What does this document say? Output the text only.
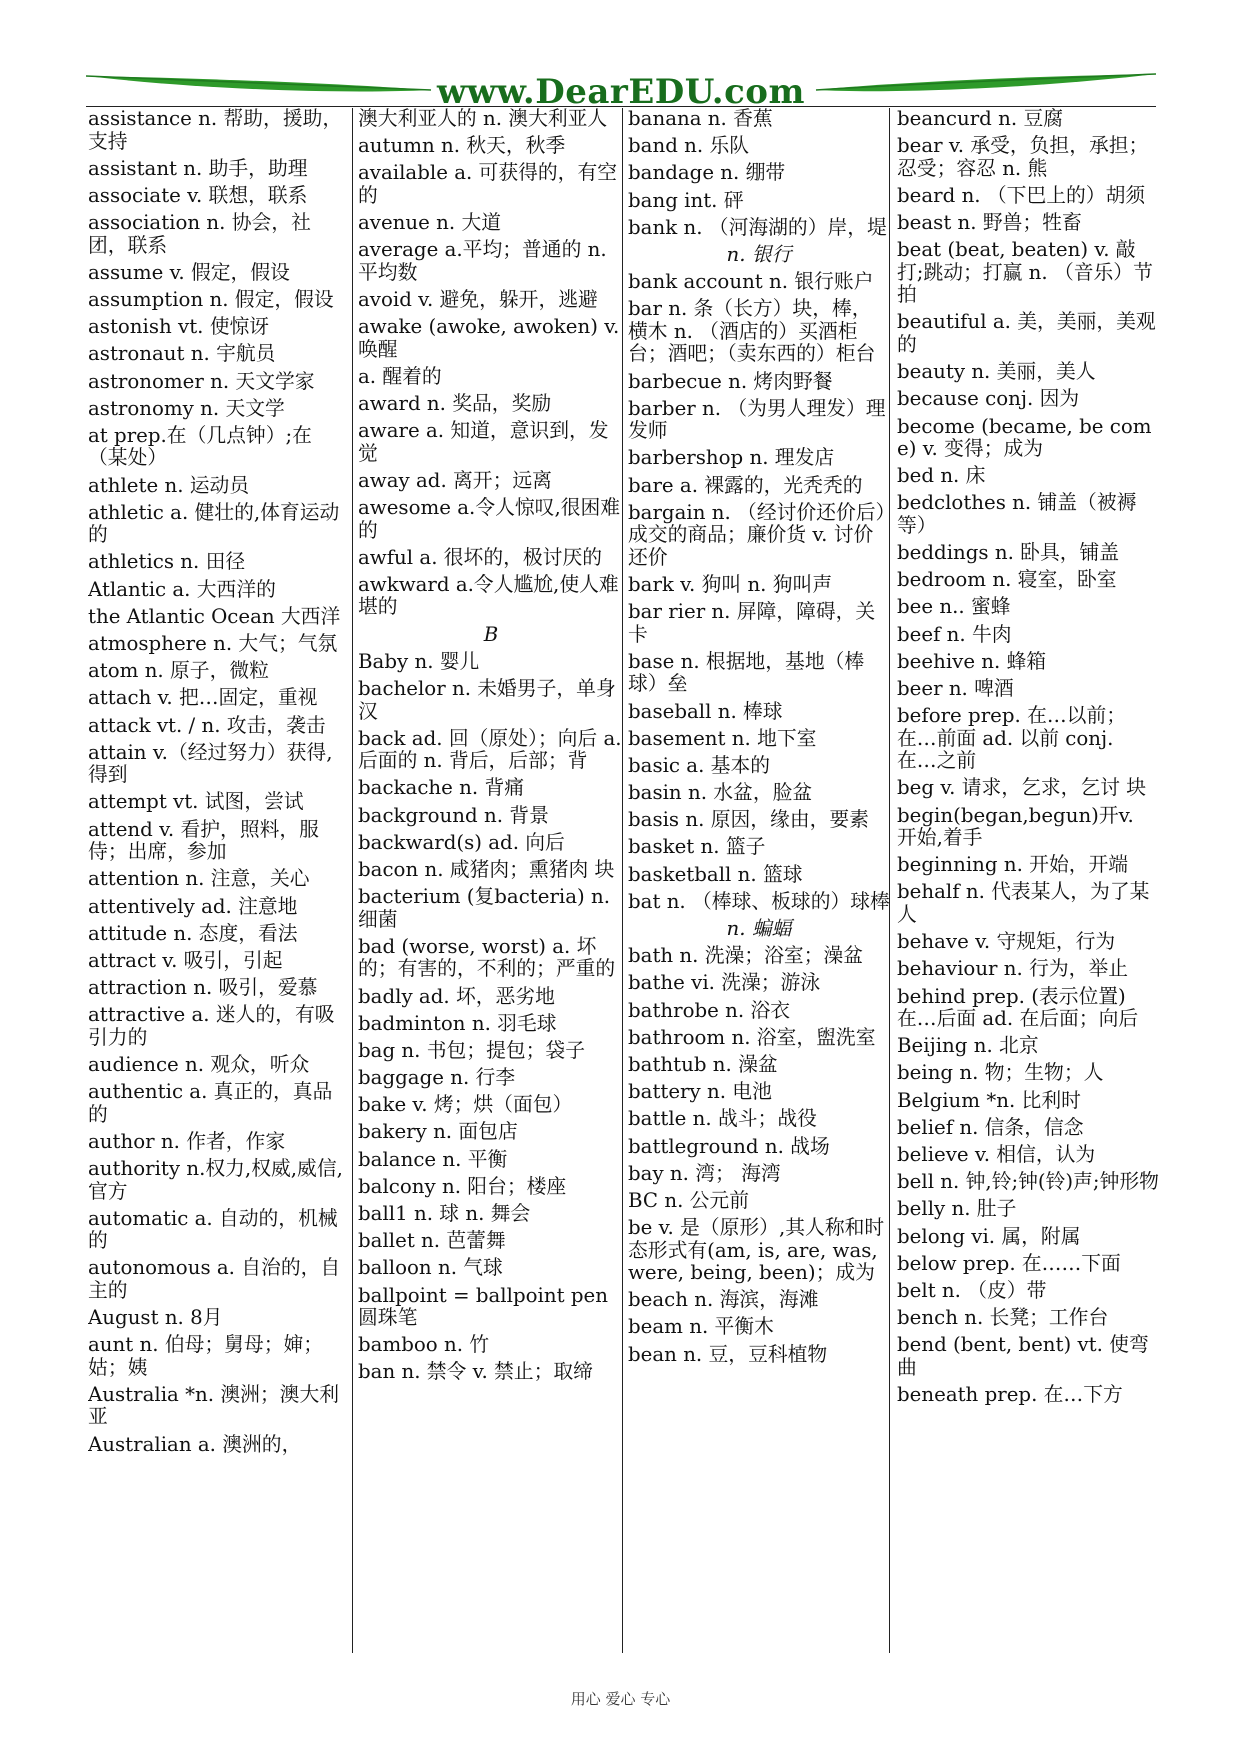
www.DearEDU.com
assistance n. 帮助，援助，支持
assistant n. 助手，助理
associate v. 联想，联系
association n. 协会，社团，联系
assume v. 假定，假设
assumption n. 假定，假设
astonish vt. 使惊讶
astronaut n. 宇航员
astronomer n. 天文学家
astronomy n. 天文学
at prep.在（几点钟）;在（某处）
athlete n. 运动员
athletic a. 健壮的,体育运动的
athletics n. 田径
Atlantic a. 大西洋的
the Atlantic Ocean 大西洋
atmosphere n. 大气；气氛
atom n. 原子，微粒
attach v. 把…固定，重视
attack vt. / n. 攻击，袭击
attain v.（经过努力）获得,得到
attempt vt. 试图，尝试
attend v. 看护，照料，服侍；出席，参加
attention n. 注意，关心
attentively ad. 注意地
attitude n. 态度，看法
attract v. 吸引，引起
attraction n. 吸引，爱慕
attractive a. 迷人的，有吸引力的
audience n. 观众，听众
authentic a. 真正的，真品的
author n. 作者，作家
authority n.权力,权威,威信,官方
automatic a. 自动的，机械的
autonomous a. 自治的，自主的
August n. 8月
aunt n. 伯母；舅母；婶；姑；姨
Australia *n. 澳洲；澳大利亚
Australian a. 澳洲的，
澳大利亚人的 n. 澳大利亚人
autumn n. 秋天，秋季
available a. 可获得的，有空的
avenue n. 大道
average a.平均；普通的 n.平均数
avoid v. 避免，躲开，逃避
awake (awoke, awoken) v. 唤醒
a. 醒着的
award n. 奖品，奖励
aware a. 知道，意识到，发觉
away ad. 离开；远离
awesome a.令人惊叹,很困难的
awful a. 很坏的，极讨厌的
awkward a.令人尴尬,使人难堪的
B
Baby n. 婴儿
bachelor n. 未婚男子，单身汉
back ad. 回（原处）；向后 a. 后面的 n. 背后，后部；背
backache n. 背痛
background n. 背景
backward(s) ad. 向后
bacon n. 咸猪肉；熏猪肉 块
bacterium (复bacteria) n. 细菌
bad (worse, worst) a. 坏的；有害的，不利的；严重的
badly ad. 坏，恶劣地
badminton n. 羽毛球
bag n. 书包；提包；袋子
baggage n. 行李
bake v. 烤；烘（面包）
bakery n. 面包店
balance n. 平衡
balcony n. 阳台；楼座
ball1 n. 球 n. 舞会
ballet n. 芭蕾舞
balloon n. 气球
ballpoint = ballpoint pen 圆珠笔
bamboo n. 竹
ban n. 禁令 v. 禁止；取缔
banana n. 香蕉
band n. 乐队
bandage n. 绷带
bang int. 砰
bank n. （河海湖的）岸，堤
n. 银行
bank account n. 银行账户
bar n. 条（长方）块，棒，横木 n. （酒店的）买酒柜台；酒吧；（卖东西的）柜台
barbecue n. 烤肉野餐
barber n. （为男人理发）理发师
barbershop n. 理发店
bare a. 裸露的，光秃秃的
bargain n. （经讨价还价后）成交的商品；廉价货 v. 讨价还价
bark v. 狗叫 n. 狗叫声
bar rier n. 屏障，障碍，关卡
base n. 根据地，基地（棒球）垒
baseball n. 棒球
basement n. 地下室
basic a. 基本的
basin n. 水盆，脸盆
basis n. 原因，缘由，要素
basket n. 篮子
basketball n. 篮球
bat n. （棒球、板球的）球棒
n. 蝙蝠
bath n. 洗澡；浴室；澡盆
bathe vi. 洗澡；游泳
bathrobe n. 浴衣
bathroom n. 浴室，盥洗室
bathtub n. 澡盆
battery n. 电池
battle n. 战斗；战役
battleground n. 战场
bay n. 湾； 海湾
BC n. 公元前
be v. 是（原形）,其人称和时态形式有(am, is, are, was, were, being, been)；成为
beach n. 海滨，海滩
beam n. 平衡木
bean n. 豆，豆科植物
beancurd n. 豆腐
bear v. 承受，负担，承担；忍受；容忍 n. 熊
beard n. （下巴上的）胡须
beast n. 野兽；牲畜
beat (beat, beaten) v. 敲打;跳动；打赢 n. （音乐）节拍
beautiful a. 美，美丽，美观的
beauty n. 美丽，美人
because conj. 因为
become (became, be come) v. 变得；成为
bed n. 床
bedclothes n. 铺盖（被褥等）
beddings n. 卧具，铺盖
bedroom n. 寝室，卧室
bee n.. 蜜蜂
beef n. 牛肉
beehive n. 蜂箱
beer n. 啤酒
before prep. 在…以前；在…前面 ad. 以前 conj. 在…之前
beg v. 请求，乞求，乞讨 块
begin(began,begun)开v. 开始,着手
beginning n. 开始，开端
behalf n. 代表某人，为了某人
behave v. 守规矩，行为
behaviour n. 行为，举止
behind prep. (表示位置) 在…后面 ad. 在后面；向后
Beijing n. 北京
being n. 物；生物；人
Belgium *n. 比利时
belief n. 信条，信念
believe v. 相信，认为
bell n. 钟,铃;钟(铃)声;钟形物
belly n. 肚子
belong vi. 属，附属
below prep. 在……下面
belt n. （皮）带
bench n. 长凳；工作台
bend (bent, bent) vt. 使弯曲
beneath prep. 在…下方
用心 爱心 专心
